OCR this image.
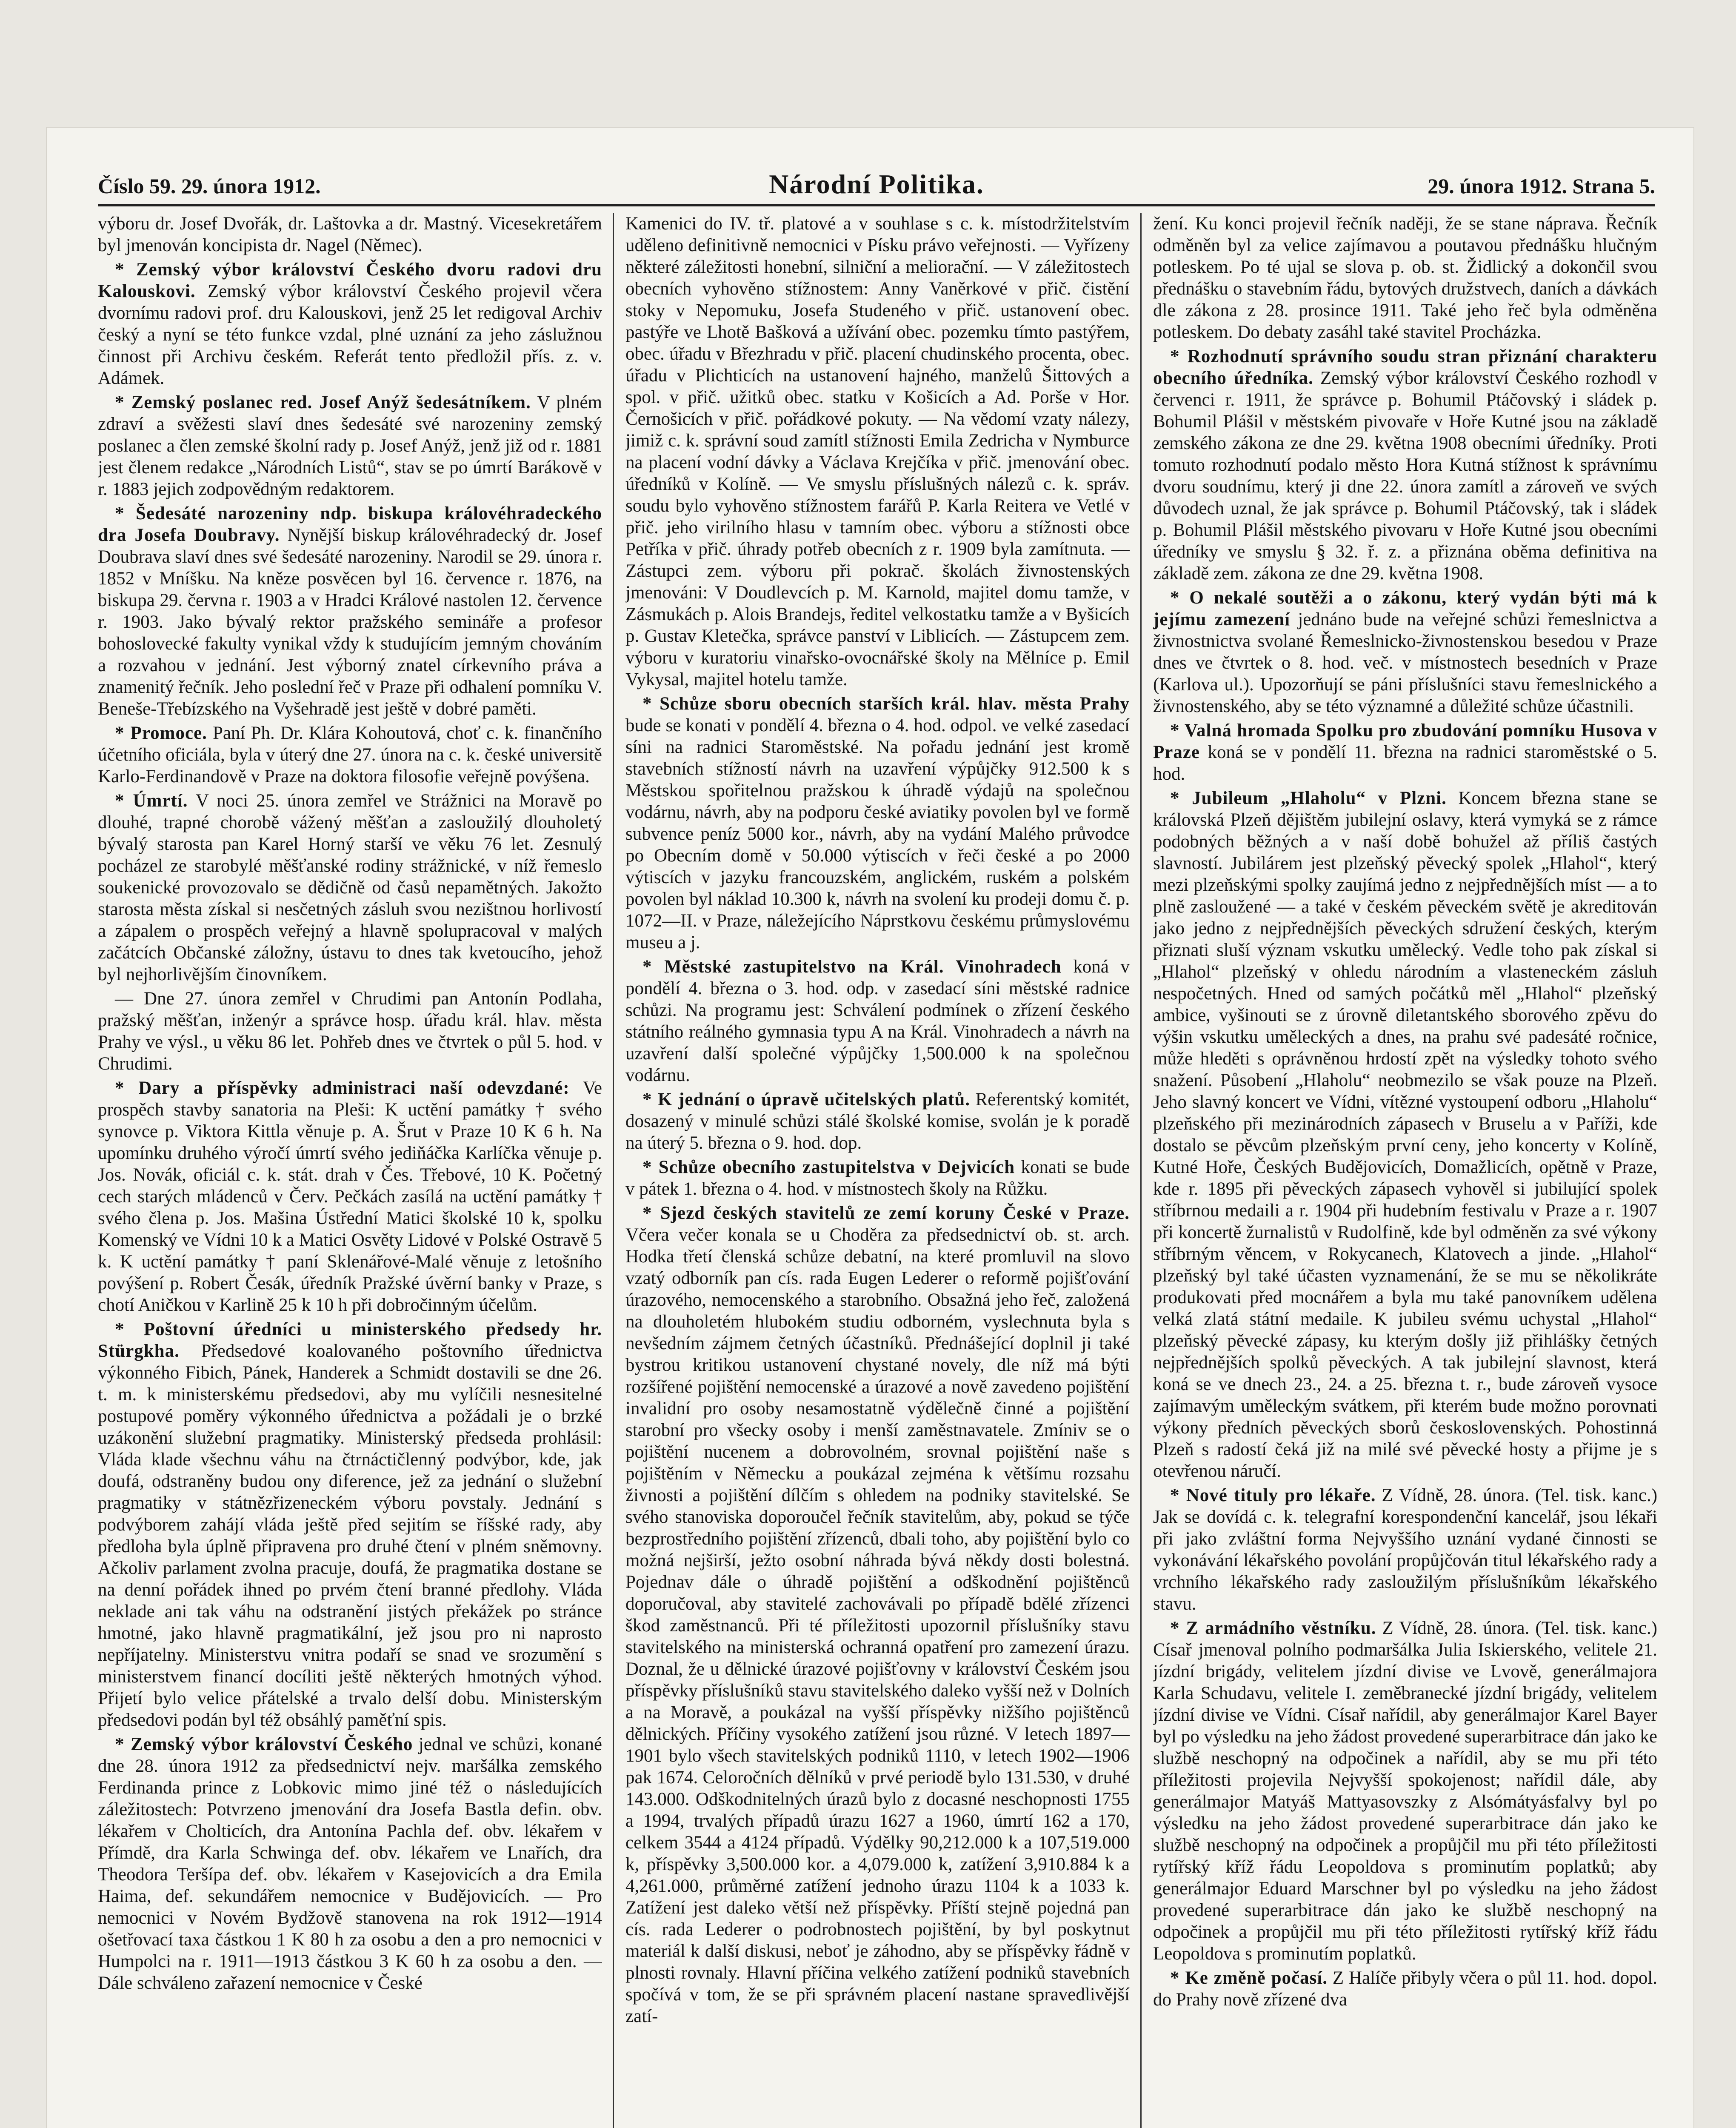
Číslo 59. 29. února 1912.	Národní Politika.	29. února 1912. Strana 5.

výboru dr. Josef Dvořák, dr. Laštovka a dr. Mastný. Vicesekretářem byl jmenován koncipista dr. Nagel (Němec).

* Zemský výbor království Českého dvoru radovi dru Kalouskovi. Zemský výbor království Českého projevil včera dvornímu radovi prof. dru Kalouskovi, jenž 25 let redigoval Archiv český a nyní se této funkce vzdal, plné uznání za jeho záslužnou činnost při Archivu českém. Referát tento předložil přís. z. v. Adámek.

* Zemský poslanec red. Josef Anýž šedesátníkem. V plném zdraví a svěžesti slaví dnes šedesáté své narozeniny zemský poslanec a člen zemské školní rady p. Josef Anýž, jenž již od r. 1881 jest členem redakce „Národních Listů“, stav se po úmrtí Barákově v r. 1883 jejich zodpovědným redaktorem.

* Šedesáté narozeniny ndp. biskupa královéhradeckého dra Josefa Doubravy. Nynější biskup královéhradecký dr. Josef Doubrava slaví dnes své šedesáté narozeniny. Narodil se 29. února r. 1852 v Mníšku. Na kněze posvěcen byl 16. července r. 1876, na biskupa 29. června r. 1903 a v Hradci Králové nastolen 12. července r. 1903. Jako bývalý rektor pražského semináře a profesor bohoslovecké fakulty vynikal vždy k studujícím jemným chováním a rozvahou v jednání. Jest výborný znatel církevního práva a znamenitý řečník. Jeho poslední řeč v Praze při odhalení pomníku V. Beneše-Třebízského na Vyšehradě jest ještě v dobré paměti.

* Promoce. Paní Ph. Dr. Klára Kohoutová, choť c. k. finančního účetního oficiála, byla v úterý dne 27. února na c. k. české universitě Karlo-Ferdinandově v Praze na doktora filosofie veřejně povýšena.

* Úmrtí. V noci 25. února zemřel ve Strážnici na Moravě po dlouhé, trapné chorobě vážený měšťan a zasloužilý dlouholetý bývalý starosta pan Karel Horný starší ve věku 76 let. Zesnulý pocházel ze starobylé měšťanské rodiny strážnické, v níž řemeslo soukenické provozovalo se dědičně od časů nepamětných. Jakožto starosta města získal si nesčetných zásluh svou nezištnou horlivostí a zápalem o prospěch veřejný a hlavně spolupracoval v malých začátcích Občanské záložny, ústavu to dnes tak kvetoucího, jehož byl nejhorlivějším činovníkem.

— Dne 27. února zemřel v Chrudimi pan Antonín Podlaha, pražský měšťan, inženýr a správce hosp. úřadu král. hlav. města Prahy ve výsl., u věku 86 let. Pohřeb dnes ve čtvrtek o půl 5. hod. v Chrudimi.

* Dary a příspěvky administraci naší odevzdané: Ve prospěch stavby sanatoria na Pleši: K uctění památky † svého synovce p. Viktora Kittla věnuje p. A. Šrut v Praze 10 K 6 h. Na upomínku druhého výročí úmrtí svého jediňáčka Karlíčka věnuje p. Jos. Novák, oficiál c. k. stát. drah v Čes. Třebové, 10 K. Početný cech starých mládenců v Červ. Pečkách zasílá na uctění památky † svého člena p. Jos. Mašina Ústřední Matici školské 10 k, spolku Komenský ve Vídni 10 k a Matici Osvěty Lidové v Polské Ostravě 5 k. K uctění památky † paní Sklenářové-Malé věnuje z letošního povýšení p. Robert Česák, úředník Pražské úvěrní banky v Praze, s chotí Aničkou v Karlině 25 k 10 h při dobročinným účelům.

* Poštovní úředníci u ministerského předsedy hr. Stürgkha. Předsedové koalovaného poštovního úřednictva výkonného Fibich, Pánek, Handerek a Schmidt dostavili se dne 26. t. m. k ministerskému předsedovi, aby mu vylíčili nesnesitelné postupové poměry výkonného úřednictva a požádali je o brzké uzákonění služební pragmatiky. Ministerský předseda prohlásil: Vláda klade všechnu váhu na čtrnáctičlenný podvýbor, kde, jak doufá, odstraněny budou ony diference, jež za jednání o služební pragmatiky v státnězřizeneckém výboru povstaly. Jednání s podvýborem zahájí vláda ještě před sejitím se říšské rady, aby předloha byla úplně připravena pro druhé čtení v plném sněmovny. Ačkoliv parlament zvolna pracuje, doufá, že pragmatika dostane se na denní pořádek ihned po prvém čtení branné předlohy. Vláda neklade ani tak váhu na odstranění jistých překážek po stránce hmotné, jako hlavně pragmatikální, jež jsou pro ni naprosto nepříjatelny. Ministerstvu vnitra podaří se snad ve srozumění s ministerstvem financí docíliti ještě některých hmotných výhod. Přijetí bylo velice přátelské a trvalo delší dobu. Ministerským předsedovi podán byl též obsáhlý paměťní spis.

* Zemský výbor království Českého jednal ve schůzi, konané dne 28. února 1912 za předsednictví nejv. maršálka zemského Ferdinanda prince z Lobkovic mimo jiné též o následujících záležitostech: Potvrzeno jmenování dra Josefa Bastla defin. obv. lékařem v Cholticích, dra Antonína Pachla def. obv. lékařem v Přímdě, dra Karla Schwinga def. obv. lékařem ve Lnařích, dra Theodora Teršípa def. obv. lékařem v Kasejovicích a dra Emila Haima, def. sekundářem nemocnice v Budějovicích. — Pro nemocnici v Novém Bydžově stanovena na rok 1912—1914 ošetřovací taxa částkou 1 K 80 h za osobu a den a pro nemocnici v Humpolci na r. 1911—1913 částkou 3 K 60 h za osobu a den. — Dále schváleno zařazení nemocnice v České

Kamenici do IV. tř. platové a v souhlase s c. k. místodržitelstvím uděleno definitivně nemocnici v Písku právo veřejnosti. — Vyřízeny některé záležitosti honební, silniční a meliorační. — V záležitostech obecních vyhověno stížnostem: Anny Vaněrkové v přič. čistění stoky v Nepomuku, Josefa Studeného v přič. ustanovení obec. pastýře ve Lhotě Bašková a užívání obec. pozemku tímto pastýřem, obec. úřadu v Březhradu v přič. placení chudinského procenta, obec. úřadu v Plichticích na ustanovení hajného, manželů Šittových a spol. v přič. užitků obec. statku v Košicích a Ad. Porše v Hor. Černošicích v přič. pořádkové pokuty. — Na vědomí vzaty nálezy, jimiž c. k. správní soud zamítl stížnosti Emila Zedricha v Nymburce na placení vodní dávky a Václava Krejčíka v přič. jmenování obec. úředníků v Kolíně. — Ve smyslu příslušných nálezů c. k. správ. soudu bylo vyhověno stížnostem farářů P. Karla Reitera ve Vetlé v přič. jeho virilního hlasu v tamním obec. výboru a stížnosti obce Petříka v přič. úhrady potřeb obecních z r. 1909 byla zamítnuta. — Zástupci zem. výboru při pokrač. školách živnostenských jmenováni: V Doudlevcích p. M. Karnold, majitel domu tamže, v Zásmukách p. Alois Brandejs, ředitel velkostatku tamže a v Byšicích p. Gustav Kletečka, správce panství v Liblicích. — Zástupcem zem. výboru v kuratoriu vinařsko-ovocnářské školy na Mělníce p. Emil Vykysal, majitel hotelu tamže.

* Schůze sboru obecních starších král. hlav. města Prahy bude se konati v pondělí 4. března o 4. hod. odpol. ve velké zasedací síni na radnici Staroměstské. Na pořadu jednání jest kromě stavebních stížností návrh na uzavření výpůjčky 912.500 k s Městskou spořitelnou pražskou k úhradě výdajů na společnou vodárnu, návrh, aby na podporu české aviatiky povolen byl ve formě subvence peníz 5000 kor., návrh, aby na vydání Malého průvodce po Obecním domě v 50.000 výtiscích v řeči české a po 2000 výtiscích v jazyku francouzském, anglickém, ruském a polském povolen byl náklad 10.300 k, návrh na svolení ku prodeji domu č. p. 1072—II. v Praze, náležejícího Náprstkovu českému průmyslovému museu a j.

* Městské zastupitelstvo na Král. Vinohradech koná v pondělí 4. března o 3. hod. odp. v zasedací síni městské radnice schůzi. Na programu jest: Schválení podmínek o zřízení českého státního reálného gymnasia typu A na Král. Vinohradech a návrh na uzavření další společné výpůjčky 1,500.000 k na společnou vodárnu.

* K jednání o úpravě učitelských platů. Referentský komitét, dosazený v minulé schůzi stálé školské komise, svolán je k poradě na úterý 5. března o 9. hod. dop.

* Schůze obecního zastupitelstva v Dejvicích konati se bude v pátek 1. března o 4. hod. v místnostech školy na Růžku.

* Sjezd českých stavitelů ze zemí koruny České v Praze. Včera večer konala se u Choděra za předsednictví ob. st. arch. Hodka třetí členská schůze debatní, na které promluvil na slovo vzatý odborník pan cís. rada Eugen Lederer o reformě pojišťování úrazového, nemocenského a starobního. Obsažná jeho řeč, založená na dlouholetém hlubokém studiu odborném, vyslechnuta byla s nevšedním zájmem četných účastníků. Přednášející doplnil ji také bystrou kritikou ustanovení chystané novely, dle níž má býti rozšířené pojištění nemocenské a úrazové a nově zavedeno pojištění invalidní pro osoby nesamostatně výdělečně činné a pojištění starobní pro všecky osoby i menší zaměstnavatele. Zmíniv se o pojištění nucenem a dobrovolném, srovnal pojištění naše s pojištěním v Německu a poukázal zejména k většímu rozsahu živnosti a pojištění dílčím s ohledem na podniky stavitelské. Se svého stanoviska doporoučel řečník stavitelům, aby, pokud se týče bezprostředního pojištění zřízenců, dbali toho, aby pojištění bylo co možná nejširší, ježto osobní náhrada bývá někdy dosti bolestná. Pojednav dále o úhradě pojištění a odškodnění pojištěnců doporučoval, aby stavitelé zachovávali po případě bdělé zřízenci škod zaměstnanců. Při té příležitosti upozornil příslušníky stavu stavitelského na ministerská ochranná opatření pro zamezení úrazu. Doznal, že u dělnické úrazové pojišťovny v království Českém jsou příspěvky příslušníků stavu stavitelského dalekо vyšší než v Dolních a na Moravě, a poukázal na vyšší příspěvky nižšího pojištěnců dělnických. Příčiny vysokého zatížení jsou různé. V letech 1897—1901 bylo všech stavitelských podniků 1110, v letech 1902—1906 pak 1674. Celoročních dělníků v prvé periodě bylo 131.530, v druhé 143.000. Odškodnitelných úrazů bylo z docasné neschopnosti 1755 a 1994, trvalých případů úrazu 1627 a 1960, úmrtí 162 a 170, celkem 3544 a 4124 případů. Výdělky 90,212.000 k a 107,519.000 k, příspěvky 3,500.000 kor. a 4,079.000 k, zatížení 3,910.884 k a 4,261.000, průměrné zatížení jednoho úrazu 1104 k a 1033 k. Zatížení jest daleko větší než příspěvky. Příští stejně pojedná pan cís. rada Lederer o podrobnostech pojištění, by byl poskytnut materiál k další diskusi, neboť je záhodno, aby se příspěvky řádně v plnosti rovnaly. Hlavní příčina velkého zatížení podniků stavebních spočívá v tom, že se při správném placení nastane spravedlivější zatí-

žení. Ku konci projevil řečník naději, že se stane náprava. Řečník odměněn byl za velice zajímavou a poutavou přednášku hlučným potleskem. Po té ujal se slova p. ob. st. Židlický a dokončil svou přednášku o stavebním řádu, bytových družstvech, daních a dávkách dle zákona z 28. prosince 1911. Také jeho řeč byla odměněna potleskem. Do debaty zasáhl také stavitel Procházka.

* Rozhodnutí správního soudu stran přiznání charakteru obecního úředníka. Zemský výbor království Českého rozhodl v červenci r. 1911, že správce p. Bohumil Ptáčovský i sládek p. Bohumil Plášil v městském pivovaře v Hoře Kutné jsou na základě zemského zákona ze dne 29. května 1908 obecními úředníky. Proti tomuto rozhodnutí podalo město Hora Kutná stížnost k správnímu dvoru soudnímu, který ji dne 22. února zamítl a zároveň ve svých důvodech uznal, že jak správce p. Bohumil Ptáčovský, tak i sládek p. Bohumil Plášil městského pivovaru v Hoře Kutné jsou obecními úředníky ve smyslu § 32. ř. z. a přiznána oběma definitiva na základě zem. zákona ze dne 29. května 1908.

* O nekalé soutěži a o zákonu, který vydán býti má k jejímu zamezení jednáno bude na veřejné schůzi řemeslnictva a živnostnictva svolané Řemeslnicko-živnostenskou besedou v Praze dnes ve čtvrtek o 8. hod. več. v místnostech besedních v Praze (Karlova ul.). Upozorňují se páni příslušníci stavu řemeslnického a živnostenského, aby se této významné a důležité schůze účastnili.

* Valná hromada Spolku pro zbudování pomníku Husova v Praze koná se v pondělí 11. března na radnici staroměstské o 5. hod.

* Jubileum „Hlaholu“ v Plzni. Koncem března stane se královská Plzeň dějištěm jubilejní oslavy, která vymyká se z rámce podobných běžných a v naší době bohužel až příliš častých slavností. Jubilárem jest plzeňský pěvecký spolek „Hlahol“, který mezi plzeňskými spolky zaujímá jedno z nejpřednějších míst — a to plně zasloužené — a také v českém pěveckém světě je akreditován jako jedno z nejpřednějších pěveckých sdružení českých, kterým přiznati sluší význam vskutku umělecký. Vedle toho pak získal si „Hlahol“ plzeňský v ohledu národním a vlasteneckém zásluh nespočetných. Hned od samých počátků měl „Hlahol“ plzeňský ambice, vyšinouti se z úrovně diletantského sborového zpěvu do výšin vskutku uměleckých a dnes, na prahu své padesáté ročnice, může hleděti s oprávněnou hrdostí zpět na výsledky tohoto svého snažení. Působení „Hlaholu“ neobmezilo se však pouze na Plzeň. Jeho slavný koncert ve Vídni, vítězné vystoupení odboru „Hlaholu“ plzeňského při mezinárodních zápasech v Bruselu a v Paříži, kde dostalo se pěvcům plzeňským první ceny, jeho koncerty v Kolíně, Kutné Hoře, Českých Budějovicích, Domažlicích, opětně v Praze, kde r. 1895 při pěveckých zápasech vyhověl si jubilující spolek stříbrnou medaili a r. 1904 při hudebním festivalu v Praze a r. 1907 při koncertě žurnalistů v Rudolfině, kde byl odměněn za své výkony stříbrným věncem, v Rokycanech, Klatovech a jinde. „Hlahol“ plzeňský byl také účasten vyznamenání, že se mu se několikráte produkovati před mocnářem a byla mu také panovníkem udělena velká zlatá státní medaile. K jubileu svému uchystal „Hlahol“ plzeňský pěvecké zápasy, ku kterým došly již přihlášky četných nejpřednějších spolků pěveckých. A tak jubilejní slavnost, která koná se ve dnech 23., 24. a 25. března t. r., bude zároveň vysoce zajímavým uměleckým svátkem, při kterém bude možno porovnati výkony předních pěveckých sborů československých. Pohostinná Plzeň s radostí čeká již na milé své pěvecké hosty a přijme je s otevřenou náručí.

* Nové tituly pro lékaře. Z Vídně, 28. února. (Tel. tisk. kanc.) Jak se dovídá c. k. telegrafní korespondenční kancelář, jsou lékaři při jako zvláštní forma Nejvyššího uznání vydané činnosti se vykonávání lékařského povolání propůjčován titul lékařského rady a vrchního lékařského rady zasloužilým příslušníkům lékařského stavu.

* Z armádního věstníku. Z Vídně, 28. února. (Tel. tisk. kanc.) Císař jmenoval polního podmaršálka Julia Iskierského, velitele 21. jízdní brigády, velitelem jízdní divise ve Lvově, generálmajora Karla Schudavu, velitele I. zeměbranecké jízdní brigády, velitelem jízdní divise ve Vídni. Císař nařídil, aby generálmajor Karel Bayer byl po výsledku na jeho žádost provedené superarbitrace dán jako ke službě neschopný na odpočinek a nařídil, aby se mu při této příležitosti projevila Nejvyšší spokojenost; nařídil dále, aby generálmajor Matyáš Mattyasovszky z Alsómátyásfalvy byl po výsledku na jeho žádost provedené superarbitrace dán jako ke službě neschopný na odpočinek a propůjčil mu při této příležitosti rytířský kříž řádu Leopoldova s prominutím poplatků; aby generálmajor Eduard Marschner byl po výsledku na jeho žádost provedené superarbitrace dán jako ke službě neschopný na odpočinek a propůjčil mu při této příležitosti rytířský kříž řádu Leopoldova s prominutím poplatků.

* Ke změně počasí. Z Halíče přibyly včera o půl 11. hod. dopol. do Prahy nově zřízené dva
